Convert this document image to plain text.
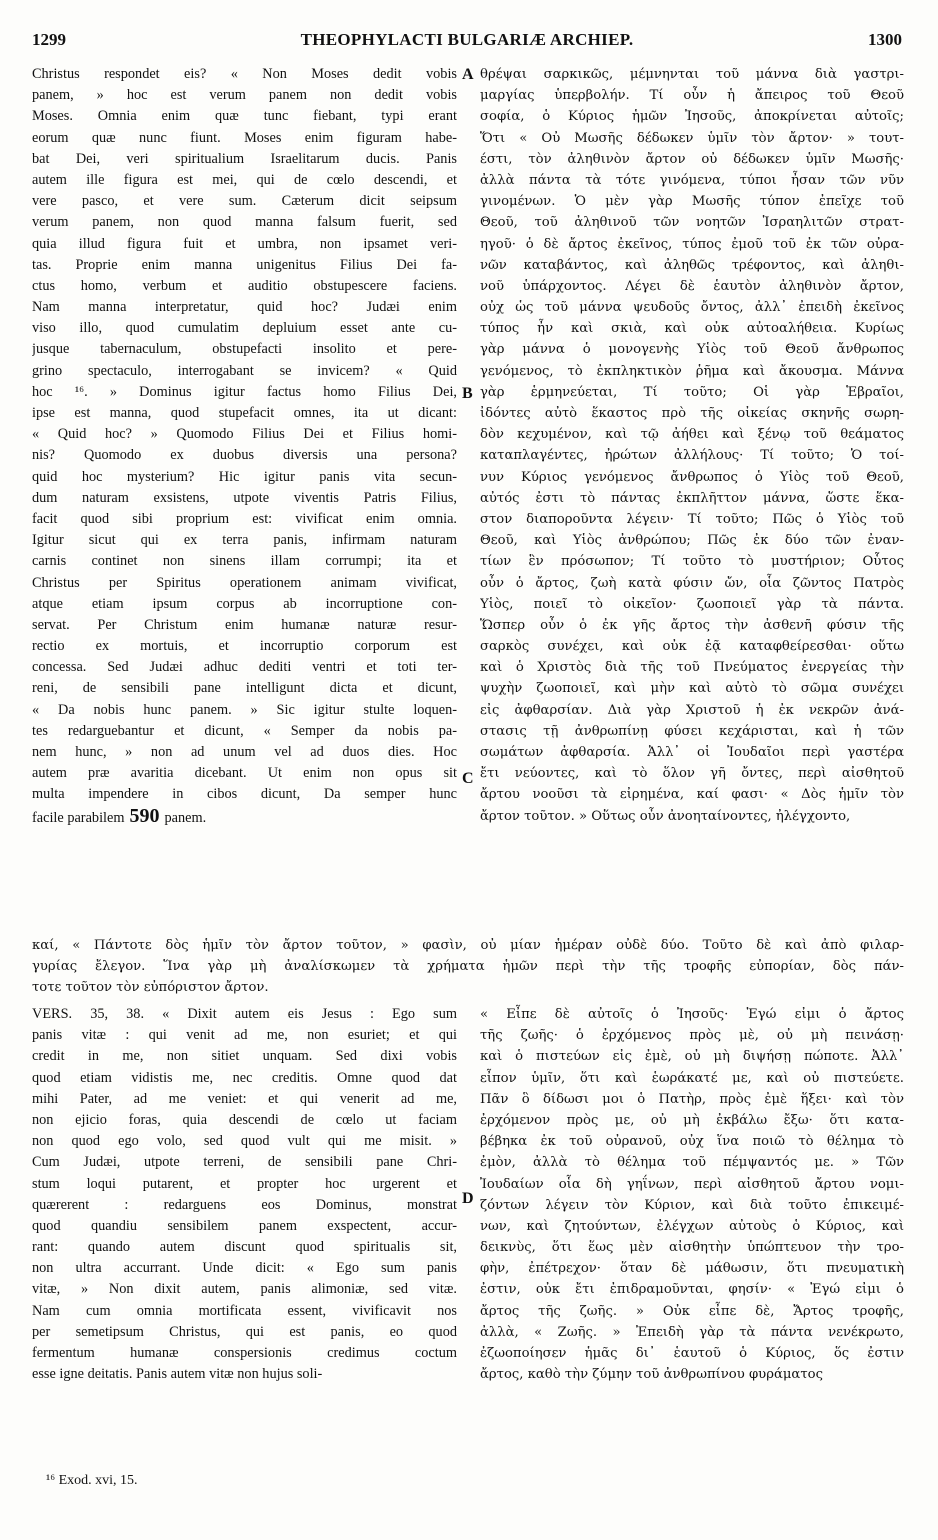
1299	THEOPHYLACTI BULGARIÆ ARCHIEP.	1300
Christus respondet eis? « Non Moses dedit vobis
panem, » hoc est verum panem non dedit vobis
Moses. Omnia enim quæ tunc fiebant, typi erant
eorum quæ nunc fiunt. Moses enim figuram habe-
bat Dei, veri spiritualium Israelitarum ducis. Panis
autem ille figura est mei, qui de cœlo descendi, et
vere pasco, et vere sum. Cæterum dicit seipsum
verum panem, non quod manna falsum fuerit, sed
quia illud figura fuit et umbra, non ipsamet veri-
tas. Proprie enim manna unigenitus Filius Dei fa-
ctus homo, verbum et auditio obstupescere faciens.
Nam manna interpretatur, quid hoc? Judæi enim
viso illo, quod cumulatim depluium esset ante cu-
jusque tabernaculum, obstupefacti insolito et pere-
grino spectaculo, interrogabant se invicem? « Quid
hoc ¹⁶. » Dominus igitur factus homo Filius Dei,
ipse est manna, quod stupefacit omnes, ita ut dicant:
« Quid hoc? » Quomodo Filius Dei et Filius homi-
nis? Quomodo ex duobus diversis una persona?
quid hoc mysterium? Hic igitur panis vita secun-
dum naturam exsistens, utpote viventis Patris Filius,
facit quod sibi proprium est: vivificat enim omnia.
Igitur sicut qui ex terra panis, infirmam naturam
carnis continet non sinens illam corrumpi; ita et
Christus per Spiritus operationem animam vivificat,
atque etiam ipsum corpus ab incorruptione con-
servat. Per Christum enim humanæ naturæ resur-
rectio ex mortuis, et incorruptio corporum est
concessa. Sed Judæi adhuc dediti ventri et toti ter-
reni, de sensibili pane intelligunt dicta et dicunt,
« Da nobis hunc panem. » Sic igitur stulte loquen-
tes redarguebantur et dicunt, « Semper da nobis pa-
nem hunc, » non ad unum vel ad duos dies. Hoc
autem præ avaritia dicebant. Ut enim non opus sit
multa impendere in cibos dicunt, Da semper hunc
facile parabilem 590 panem.
θρέψαι σαρκικῶς, μέμνηνται τοῦ μάννα διὰ γαστρι-
μαργίας ὑπερβολήν. Τί οὖν ἡ ἄπειρος τοῦ Θεοῦ
σοφία, ὁ Κύριος ἡμῶν Ἰησοῦς, ἀποκρίνεται αὐτοῖς;
Ὅτι « Οὐ Μωσῆς δέδωκεν ὑμῖν τὸν ἄρτον· » τουτ-
έστι, τὸν ἀληθινὸν ἄρτον οὐ δέδωκεν ὑμῖν Μωσῆς·
ἀλλὰ πάντα τὰ τότε γινόμενα, τύποι ἦσαν τῶν νῦν
γινομένων. Ὁ μὲν γὰρ Μωσῆς τύπον ἐπεῖχε τοῦ
Θεοῦ, τοῦ ἀληθινοῦ τῶν νοητῶν Ἰσραηλιτῶν στρατ-
ηγοῦ· ὁ δὲ ἄρτος ἐκεῖνος, τύπος ἐμοῦ τοῦ ἐκ τῶν οὐρα-
νῶν καταβάντος, καὶ ἀληθῶς τρέφοντος, καὶ ἀληθι-
νοῦ ὑπάρχοντος. Λέγει δὲ ἑαυτὸν ἀληθινὸν ἄρτον,
οὐχ ὡς τοῦ μάννα ψευδοῦς ὄντος, ἀλλ᾽ ἐπειδὴ ἐκεῖνος
τύπος ἦν καὶ σκιὰ, καὶ οὐκ αὐτοαλήθεια. Κυρίως
γὰρ μάννα ὁ μονογενὴς Υἱὸς τοῦ Θεοῦ ἄνθρωπος
γενόμενος, τὸ ἐκπληκτικὸν ῥῆμα καὶ ἄκουσμα. Μάννα
γὰρ ἑρμηνεύεται, Τί τοῦτο; Οἱ γὰρ Ἑβραῖοι,
ἰδόντες αὐτὸ ἕκαστος πρὸ τῆς οἰκείας σκηνῆς σωρη-
δὸν κεχυμένον, καὶ τῷ ἀήθει καὶ ξένῳ τοῦ θεάματος
καταπλαγέντες, ἠρώτων ἀλλήλους· Τί τοῦτο; Ὁ τοί-
νυν Κύριος γενόμενος ἄνθρωπος ὁ Υἱὸς τοῦ Θεοῦ,
αὐτός ἐστι τὸ πάντας ἐκπλῆττον μάννα, ὥστε ἕκα-
στον διαπορoῦντα λέγειν· Τί τοῦτο; Πῶς ὁ Υἱὸς τοῦ
Θεοῦ, καὶ Υἱὸς ἀνθρώπου; Πῶς ἐκ δύο τῶν ἐναν-
τίων ἓν πρόσωπον; Τί τοῦτο τὸ μυστήριον; Οὗτος
οὖν ὁ ἄρτος, ζωὴ κατὰ φύσιν ὤν, οἷα ζῶντος Πατρὸς
Υἱὸς, ποιεῖ τὸ οἰκεῖον· ζωοποιεῖ γὰρ τὰ πάντα.
Ὥσπερ οὖν ὁ ἐκ γῆς ἄρτος τὴν ἀσθενῆ φύσιν τῆς
σαρκὸς συνέχει, καὶ οὐκ ἐᾷ καταφθείρεσθαι· οὕτω
καὶ ὁ Χριστὸς διὰ τῆς τοῦ Πνεύματος ἐνεργείας τὴν
ψυχὴν ζωοποιεῖ, καὶ μὴν καὶ αὐτὸ τὸ σῶμα συνέχει
εἰς ἀφθαρσίαν. Διὰ γὰρ Χριστοῦ ἡ ἐκ νεκρῶν ἀνά-
στασις τῇ ἀνθρωπίνῃ φύσει κεχάρισται, καὶ ἡ τῶν
σωμάτων ἀφθαρσία. Ἀλλ᾽ οἱ Ἰουδαῖοι περὶ γαστέρα
ἔτι νεύοντες, καὶ τὸ ὅλον γῆ ὄντες, περὶ αἰσθητοῦ
ἄρτου νοοῦσι τὰ εἰρημένα, καί φασι· « Δὸς ἡμῖν τὸν
ἄρτον τοῦτον. » Οὕτως οὖν ἀνοηταίνοντες, ἠλέγχοντο,
A
B
C
D
καί, « Πάντοτε δὸς ἡμῖν τὸν ἄρτον τοῦτον, » φασὶν, οὐ μίαν ἡμέραν οὐδὲ δύο. Τοῦτο δὲ καὶ ἀπὸ φιλαρ-
γυρίας ἔλεγον. Ἵνα γὰρ μὴ ἀναλίσκωμεν τὰ χρήματα ἡμῶν περὶ τὴν τῆς τροφῆς εὐπορίαν, δὸς πάν-
τοτε τοῦτον τὸν εὐπόριστον ἄρτον.
VERS. 35, 38. « Dixit autem eis Jesus : Ego sum
panis vitæ : qui venit ad me, non esuriet; et qui
credit in me, non sitiet unquam. Sed dixi vobis
quod etiam vidistis me, nec creditis. Omne quod dat
mihi Pater, ad me veniet: et qui venerit ad me,
non ejicio foras, quia descendi de cœlo ut faciam
non quod ego volo, sed quod vult qui me misit. »
Cum Judæi, utpote terreni, de sensibili pane Chri-
stum loqui putarent, et propter hoc urgerent et
quærerent : redarguens eos Dominus, monstrat
quod quandiu sensibilem panem exspectent, accur-
rant: quando autem discunt quod spiritualis sit,
non ultra accurrant. Unde dicit: « Ego sum panis
vitæ, » Non dixit autem, panis alimoniæ, sed vitæ.
Nam cum omnia mortificata essent, vivificavit nos
per semetipsum Christus, qui est panis, eo quod
fermentum humanæ conspersionis credimus coctum
esse igne deitatis. Panis autem vitæ non hujus soli-
« Εἶπε δὲ αὐτοῖς ὁ Ἰησοῦς· Ἐγώ εἰμι ὁ ἄρτος
τῆς ζωῆς· ὁ ἐρχόμενος πρὸς μὲ, οὐ μὴ πεινάσῃ·
καὶ ὁ πιστεύων εἰς ἐμὲ, οὐ μὴ διψήσῃ πώποτε. Ἀλλ᾽
εἶπον ὑμῖν, ὅτι καὶ ἑωράκατέ με, καὶ οὐ πιστεύετε.
Πᾶν ὃ δίδωσι μοι ὁ Πατὴρ, πρὸς ἐμὲ ἥξει· καὶ τὸν
ἐρχόμενον πρὸς με, οὐ μὴ ἐκβάλω ἔξω· ὅτι κατα-
βέβηκα ἐκ τοῦ οὐρανοῦ, οὐχ ἵνα ποιῶ τὸ θέλημα τὸ
ἐμὸν, ἀλλὰ τὸ θέλημα τοῦ πέμψαντός με. » Τῶν
Ἰουδαίων οἷα δὴ γηΐνων, περὶ αἰσθητοῦ ἄρτου νομι-
ζόντων λέγειν τὸν Κύριον, καὶ διὰ τοῦτο ἐπικειμέ-
νων, καὶ ζητούντων, ἐλέγχων αὐτοὺς ὁ Κύριος, καὶ
δεικνὺς, ὅτι ἕως μὲν αἰσθητὴν ὑπώπτευον τὴν τρο-
φὴν, ἐπέτρεχον· ὅταν δὲ μάθωσιν, ὅτι πνευματικὴ
ἐστιν, οὐκ ἔτι ἐπιδραμοῦνται, φησίν· « Ἐγώ εἰμι ὁ
ἄρτος τῆς ζωῆς. » Οὐκ εἶπε δὲ, Ἄρτος τροφῆς,
ἀλλὰ, « Ζωῆς. » Ἐπειδὴ γὰρ τὰ πάντα νενέκρωτο,
ἐζωοποίησεν ἡμᾶς δι᾽ ἑαυτοῦ ὁ Κύριος, ὅς ἐστιν
ἄρτος, καθὸ τὴν ζύμην τοῦ ἀνθρωπίνου φυράματος
¹⁶ Exod. xvi, 15.
